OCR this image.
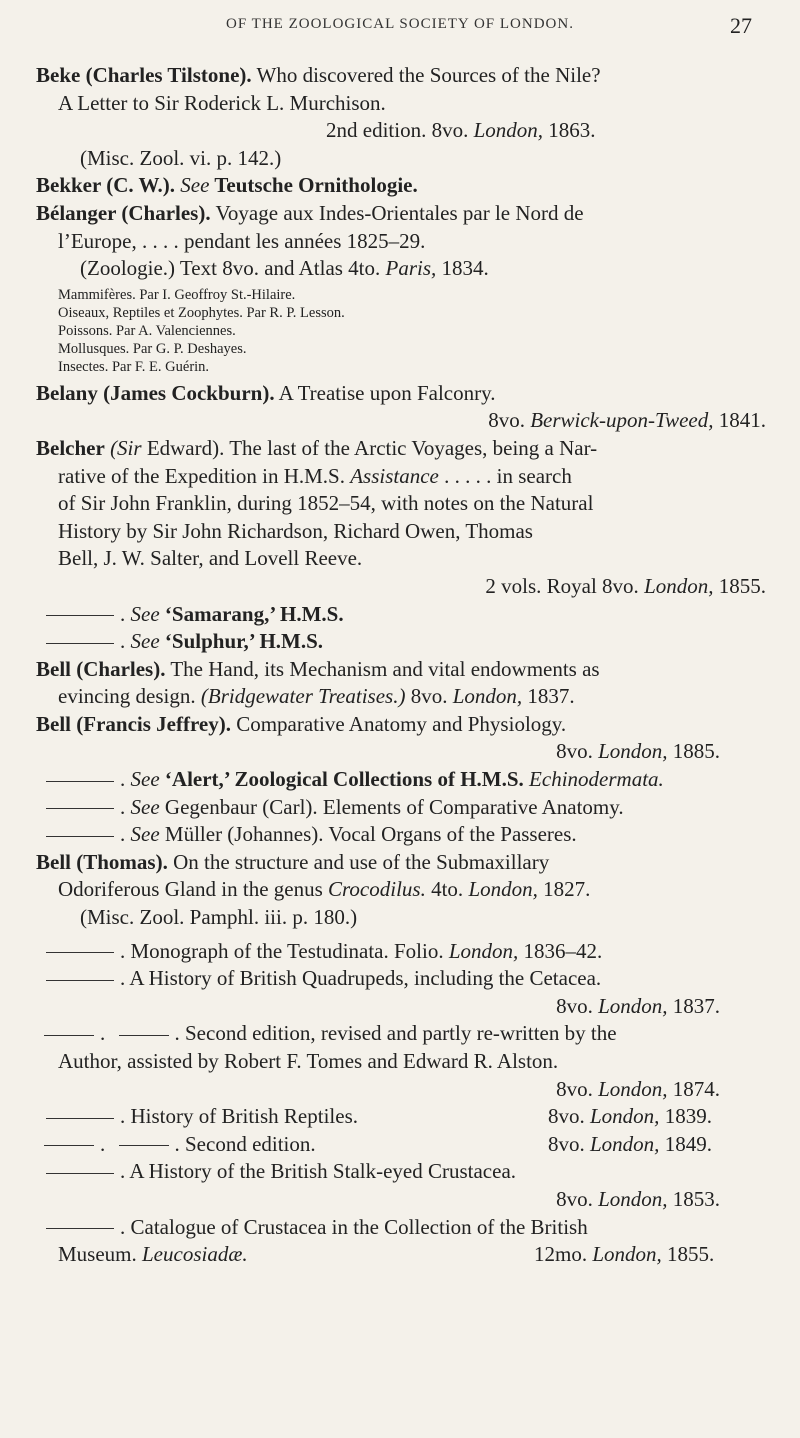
OF THE ZOOLOGICAL SOCIETY OF LONDON.	27
Beke (Charles Tilstone). Who discovered the Sources of the Nile?
A Letter to Sir Roderick L. Murchison.
2nd edition. 8vo. London, 1863.
(Misc. Zool. vi. p. 142.)
Bekker (C. W.). See Teutsche Ornithologie.
Bélanger (Charles). Voyage aux Indes-Orientales par le Nord de
l’Europe, . . . . pendant les années 1825–29.
(Zoologie.) Text 8vo. and Atlas 4to. Paris, 1834.
Mammifères. Par I. Geoffroy St.-Hilaire.
Oiseaux, Reptiles et Zoophytes. Par R. P. Lesson.
Poissons. Par A. Valenciennes.
Mollusques. Par G. P. Deshayes.
Insectes. Par F. E. Guérin.
Belany (James Cockburn). A Treatise upon Falconry.
8vo. Berwick-upon-Tweed, 1841.
Belcher (Sir Edward). The last of the Arctic Voyages, being a Nar-
rative of the Expedition in H.M.S. Assistance . . . . . in search
of Sir John Franklin, during 1852–54, with notes on the Natural
History by Sir John Richardson, Richard Owen, Thomas
Bell, J. W. Salter, and Lovell Reeve.
2 vols. Royal 8vo. London, 1855.
. See ‘Samarang,’ H.M.S.
. See ‘Sulphur,’ H.M.S.
Bell (Charles). The Hand, its Mechanism and vital endowments as
evincing design. (Bridgewater Treatises.) 8vo. London, 1837.
Bell (Francis Jeffrey). Comparative Anatomy and Physiology.
8vo. London, 1885.
. See ‘Alert,’ Zoological Collections of H.M.S. Echinodermata.
. See Gegenbaur (Carl). Elements of Comparative Anatomy.
. See Müller (Johannes). Vocal Organs of the Passeres.
Bell (Thomas). On the structure and use of the Submaxillary
Odoriferous Gland in the genus Crocodilus. 4to. London, 1827.
(Misc. Zool. Pamphl. iii. p. 180.)
. Monograph of the Testudinata. Folio. London, 1836–42.
. A History of British Quadrupeds, including the Cetacea.
8vo. London, 1837.
.	. Second edition, revised and partly re-written by the
Author, assisted by Robert F. Tomes and Edward R. Alston.
8vo. London, 1874.
. History of British Reptiles.	8vo. London, 1839.
.	. Second edition.	8vo. London, 1849.
. A History of the British Stalk-eyed Crustacea.
8vo. London, 1853.
. Catalogue of Crustacea in the Collection of the British
Museum. Leucosiadæ.	12mo. London, 1855.
